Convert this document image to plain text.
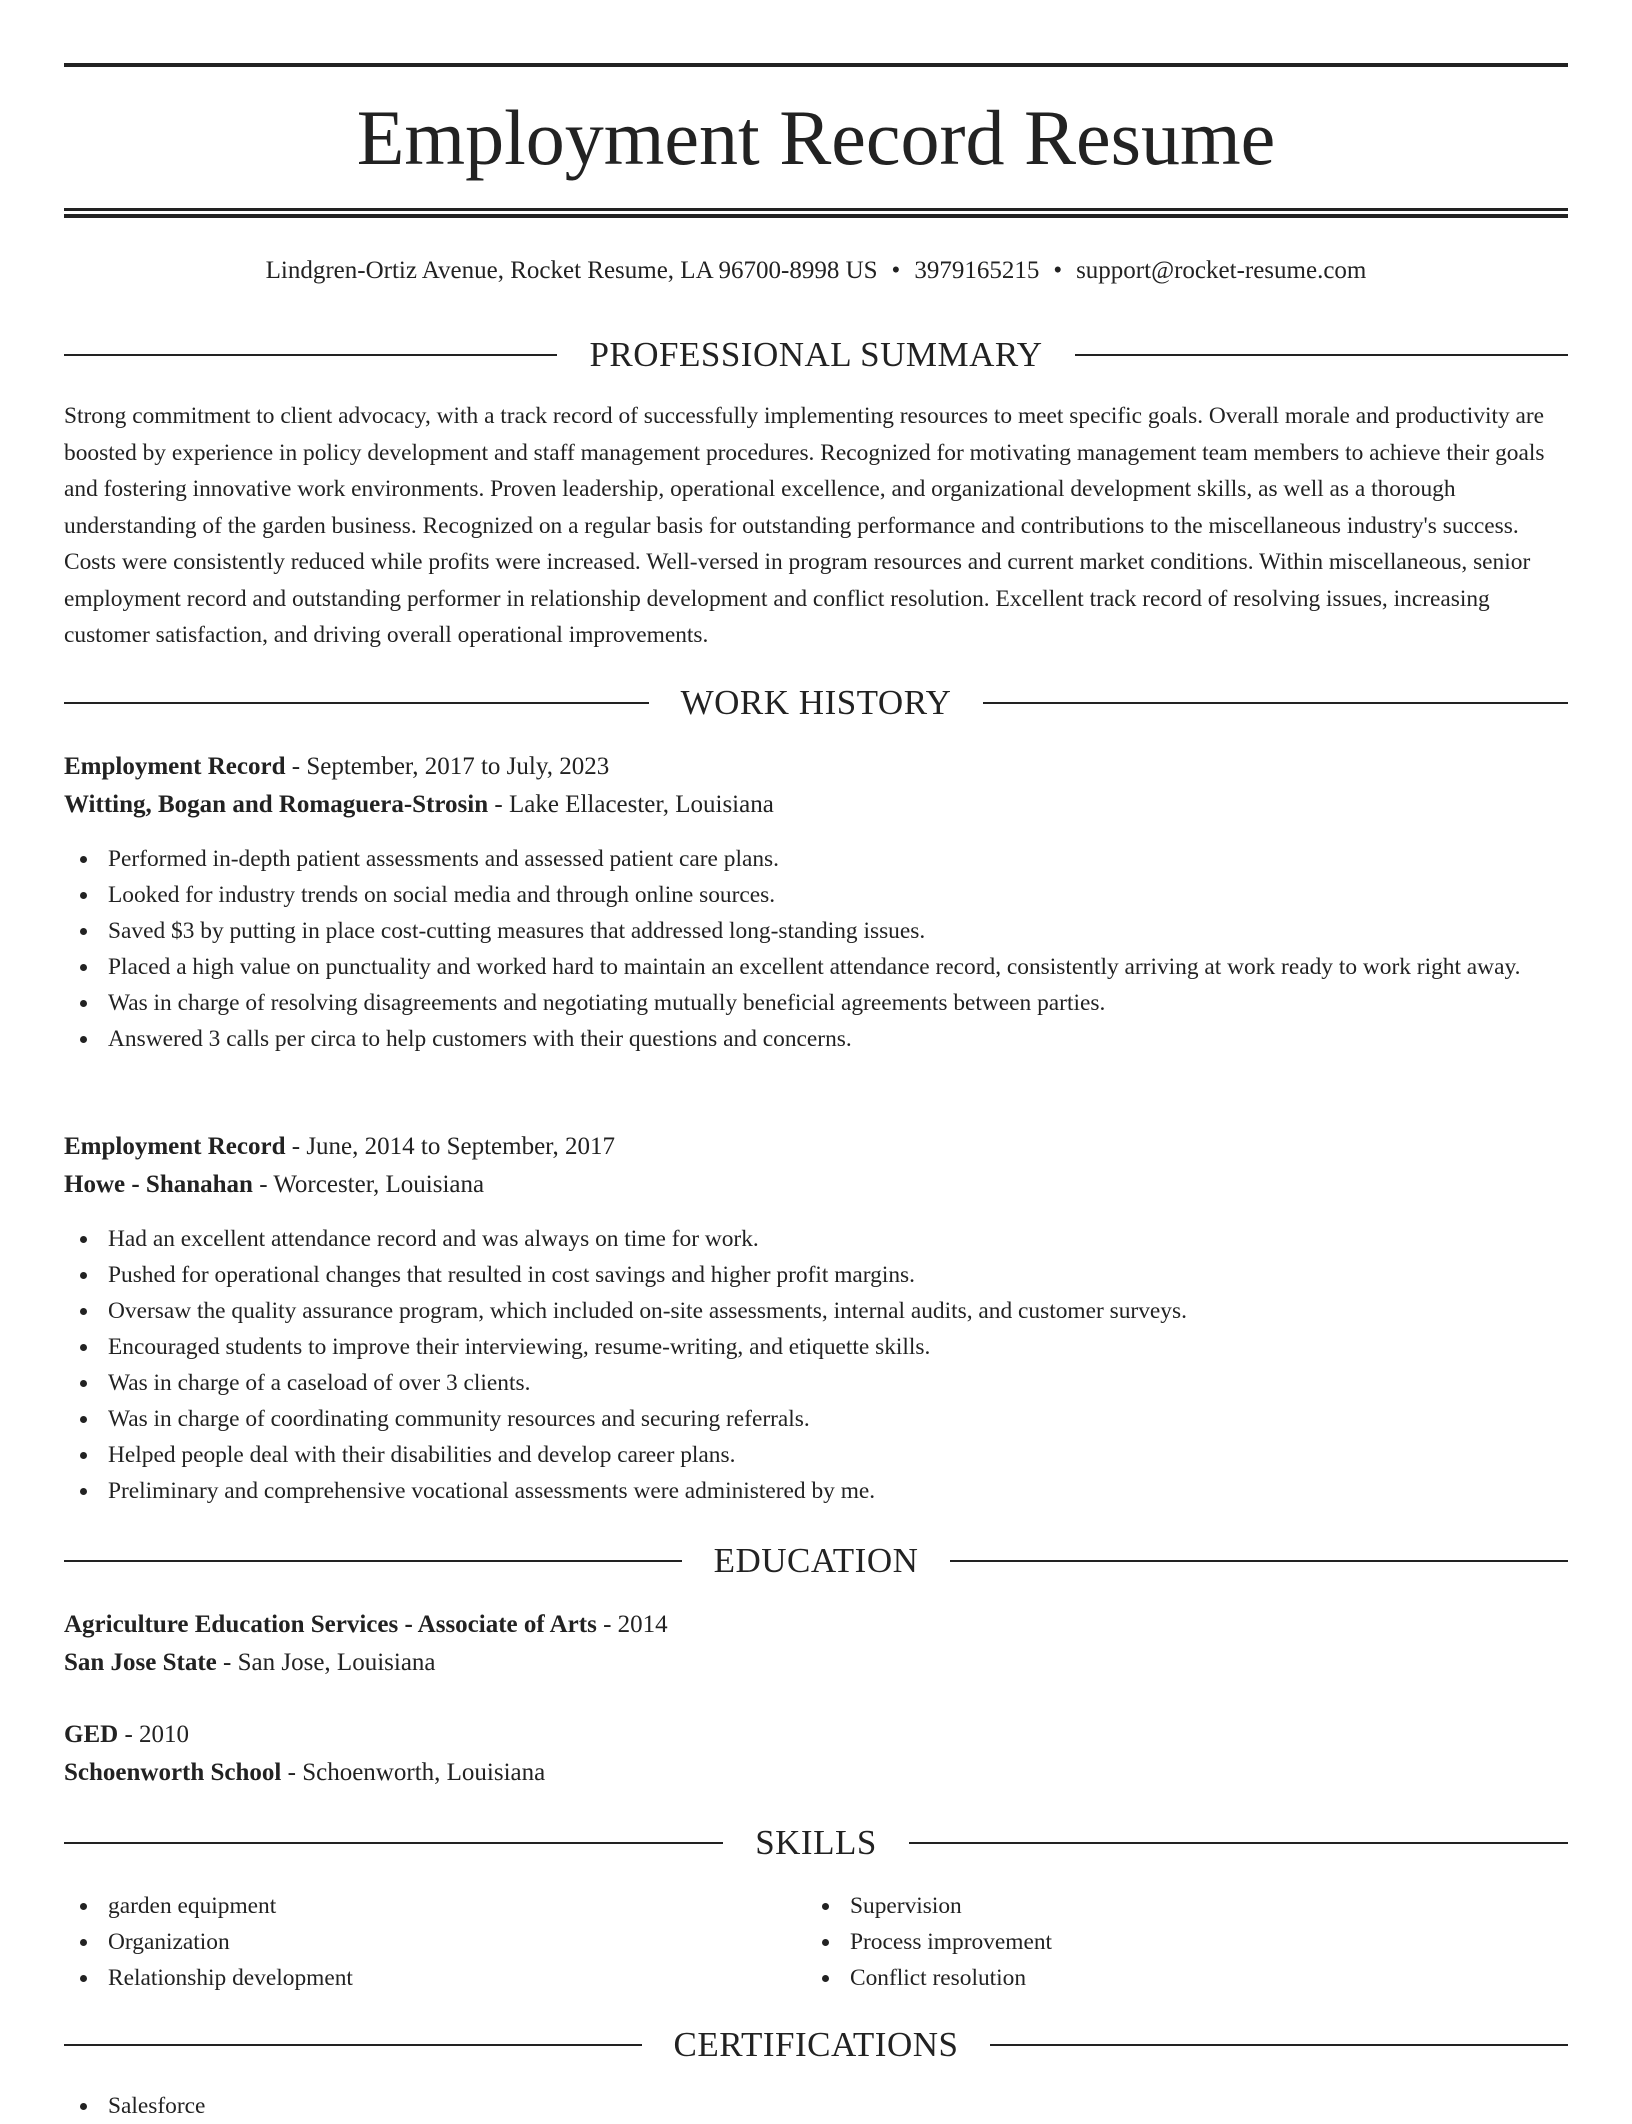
Employment Record Resume
Lindgren-Ortiz Avenue, Rocket Resume, LA 96700-8998 US • 3979165215 • support@rocket-resume.com
PROFESSIONAL SUMMARY

Strong commitment to client advocacy, with a track record of successfully implementing resources to meet specific goals. Overall morale and productivity are boosted by experience in policy development and staff management procedures. Recognized for motivating management team members to achieve their goals and fostering innovative work environments. Proven leadership, operational excellence, and organizational development skills, as well as a thorough understanding of the garden business. Recognized on a regular basis for outstanding performance and contributions to the miscellaneous industry's success. Costs were consistently reduced while profits were increased. Well-versed in program resources and current market conditions. Within miscellaneous, senior employment record and outstanding performer in relationship development and conflict resolution. Excellent track record of resolving issues, increasing customer satisfaction, and driving overall operational improvements.

WORK HISTORY
Employment Record - September, 2017 to July, 2023
Witting, Bogan and Romaguera-Strosin - Lake Ellacester, Louisiana
Performed in-depth patient assessments and assessed patient care plans.
Looked for industry trends on social media and through online sources.
Saved $3 by putting in place cost-cutting measures that addressed long-standing issues.
Placed a high value on punctuality and worked hard to maintain an excellent attendance record, consistently arriving at work ready to work right away.
Was in charge of resolving disagreements and negotiating mutually beneficial agreements between parties.
Answered 3 calls per circa to help customers with their questions and concerns.
Employment Record - June, 2014 to September, 2017
Howe - Shanahan - Worcester, Louisiana
Had an excellent attendance record and was always on time for work.
Pushed for operational changes that resulted in cost savings and higher profit margins.
Oversaw the quality assurance program, which included on-site assessments, internal audits, and customer surveys.
Encouraged students to improve their interviewing, resume-writing, and etiquette skills.
Was in charge of a caseload of over 3 clients.
Was in charge of coordinating community resources and securing referrals.
Helped people deal with their disabilities and develop career plans.
Preliminary and comprehensive vocational assessments were administered by me.
EDUCATION
Agriculture Education Services - Associate of Arts - 2014
San Jose State - San Jose, Louisiana
GED - 2010
Schoenworth School - Schoenworth, Louisiana
SKILLS
garden equipment
Organization
Relationship development
Supervision
Process improvement
Conflict resolution
CERTIFICATIONS
Salesforce
